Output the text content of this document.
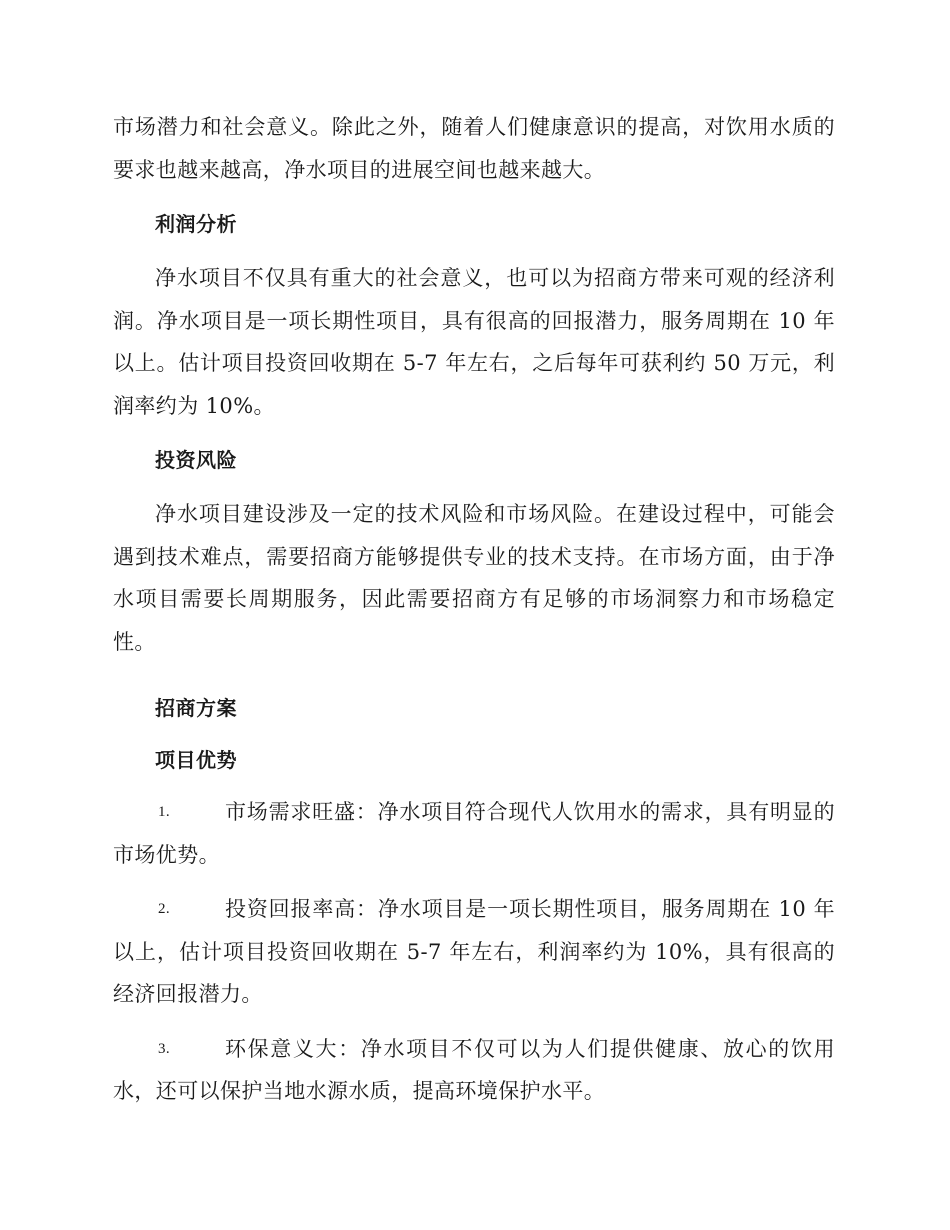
市场潜力和社会意义。除此之外，随着人们健康意识的提高，对饮用水质的要求也越来越高，净水项目的进展空间也越来越大。

利润分析

净水项目不仅具有重大的社会意义，也可以为招商方带来可观的经济利润。净水项目是一项长期性项目，具有很高的回报潜力，服务周期在 10 年以上。估计项目投资回收期在 5-7 年左右，之后每年可获利约 50 万元，利润率约为 10%。

投资风险

净水项目建设涉及一定的技术风险和市场风险。在建设过程中，可能会遇到技术难点，需要招商方能够提供专业的技术支持。在市场方面，由于净水项目需要长周期服务，因此需要招商方有足够的市场洞察力和市场稳定性。

招商方案
项目优势

1.	市场需求旺盛：净水项目符合现代人饮用水的需求，具有明显的市场优势。

2.	投资回报率高：净水项目是一项长期性项目，服务周期在 10 年以上，估计项目投资回收期在 5-7 年左右，利润率约为 10%，具有很高的经济回报潜力。

3.	环保意义大：净水项目不仅可以为人们提供健康、放心的饮用水，还可以保护当地水源水质，提高环境保护水平。
